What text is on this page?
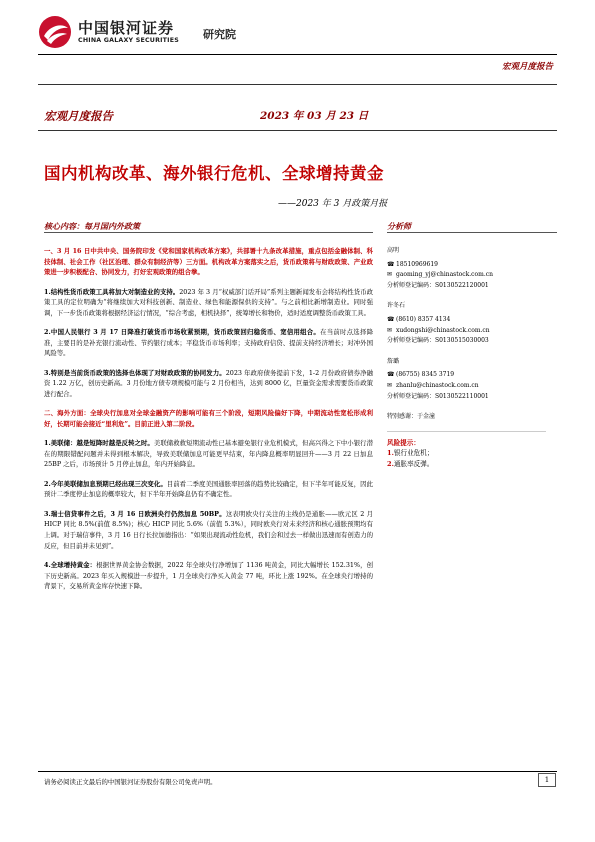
中国银河证券
CHINA GALAXY SECURITIES 研究院
宏观月度报告
宏观月度报告	2023 年 03 月 23 日
国内机构改革、海外银行危机、全球增持黄金
——2023 年 3 月政策月报
核心内容：每月国内外政策	分析师

一、3 月 16 日中共中央、国务院印发《党和国家机构改革方案》，共部署十九条改革措施，重点包括金融体制、科技体制、社会工作（社区治理、群众有制经济等）三方面。机构改革方案落实之后，货币政策将与财政政策、产业政策进一步积极配合、协同发力，打好宏观政策的组合拳。

1.结构性货币政策工具将加大对制造业的支持。2023 年 3 月“权威部门话开局”系列主题新闻发布会将结构性货币政策工具的定位明确为“将继续加大对科技创新、制造业、绿色和能源保供的支持”。与之前相比新增制造业。同时强调，下一步货币政策将根据经济运行情况，“综合考虑，相机抉择”，统筹增长和物价，适时适度调整货币政策工具。

2.中国人民银行 3 月 17 日降准打破货币市场收紧预期，货币政策回归稳货币、宽信用组合。在当前时点选择降准，主要目的是补充银行流动性、节约银行成本；平稳货币市场利率；支持政府信贷、提前支持经济增长；对冲外国风险等。

3.特别是当前货币政策的选择也体现了对财政政策的协同发力。2023 年政府债务提前下发，1-2 月份政府债券净融资 1.22 万亿，创历史新高。3 月份地方债专项规模可能与 2 月份相当，达到 8000 亿，巨量资金需求需要货币政策进行配合。

二、海外方面：全球央行加息对全球金融资产的影响可能有三个阶段，短期风险偏好下降，中期流动性宽松形成利好，长期可能会接近“里利危”。目前正进入第二阶段。

1.美联储：越是短降时越是反转之时。美联储救救短期流动性已基本避免银行业危机模式，但高兴得之下中小银行潜在的期限错配问题并未得到根本解决，导致美联储加息可能更早结束，年内降息概率明显回升——3 月 22 日加息 25BP 之后，市场预计 5 月停止加息，年内开始降息。

2.今年美联储加息预期已经出现三次变化。目前看二季度美国通胀率回落的趋势比较确定，但下半年可能反复，因此预计二季度停止加息的概率较大，但下半年开始降息仍有不确定性。

3.瑞士信贷事件之后，3 月 16 日欧洲央行仍然加息 50BP。这表明欧央行关注的主线仍是通胀——欧元区 2 月 HICP 同比 8.5%(前值 8.5%)；核心 HICP 同比 5.6%（前值 5.3%），同时欧央行对未来经济和核心通胀预期均有上调。对于瑞信事件，3 月 16 日行长拉加德指出：“如果出现流动性危机，我们会和过去一样做出迅速而有创造力的反应，但目前并未见到”。

4.全球增持黄金：根据世界黄金协会数据，2022 年全球央行净增加了 1136 吨黄金，同比大幅增长 152.31%，创下历史新高。2023 年买入规模进一步提升，1 月全球央行净买入黄金 77 吨，环比上涨 192%。在全球央行增持的背景下，交易所黄金库存快速下降。

高明
☎ 18510969619
✉ gaoming_yj@chinastock.com.cn
分析师登记编码：S0130522120001
许冬石
☎ (8610) 8357 4134
✉ xudongshi@chinastock.com.cn
分析师登记编码：S0130515030003
詹璐
☎ (86755) 8345 3719
✉ zhanlu@chinastock.com.cn
分析师登记编码：S0130522110001
特别感谢：于金潼
风险提示：
1.银行业危机；
2.通胀率反弹。
请务必阅读正文最后的中国银河证券股份有限公司免责声明。	1
